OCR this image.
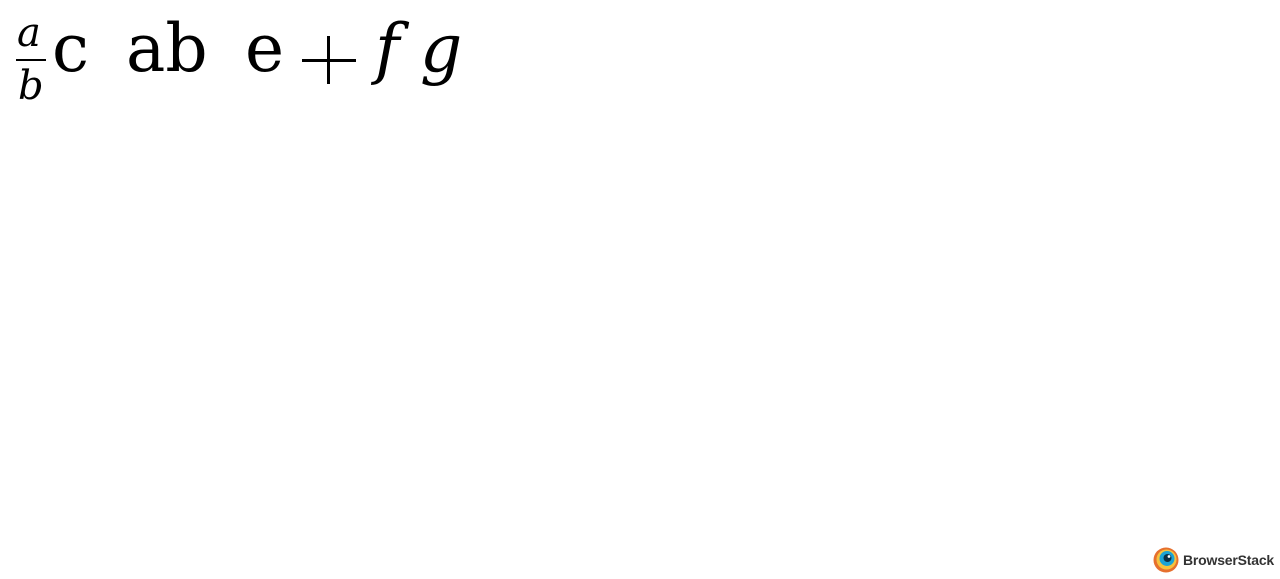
a
b c ab e f g
BrowserStack
